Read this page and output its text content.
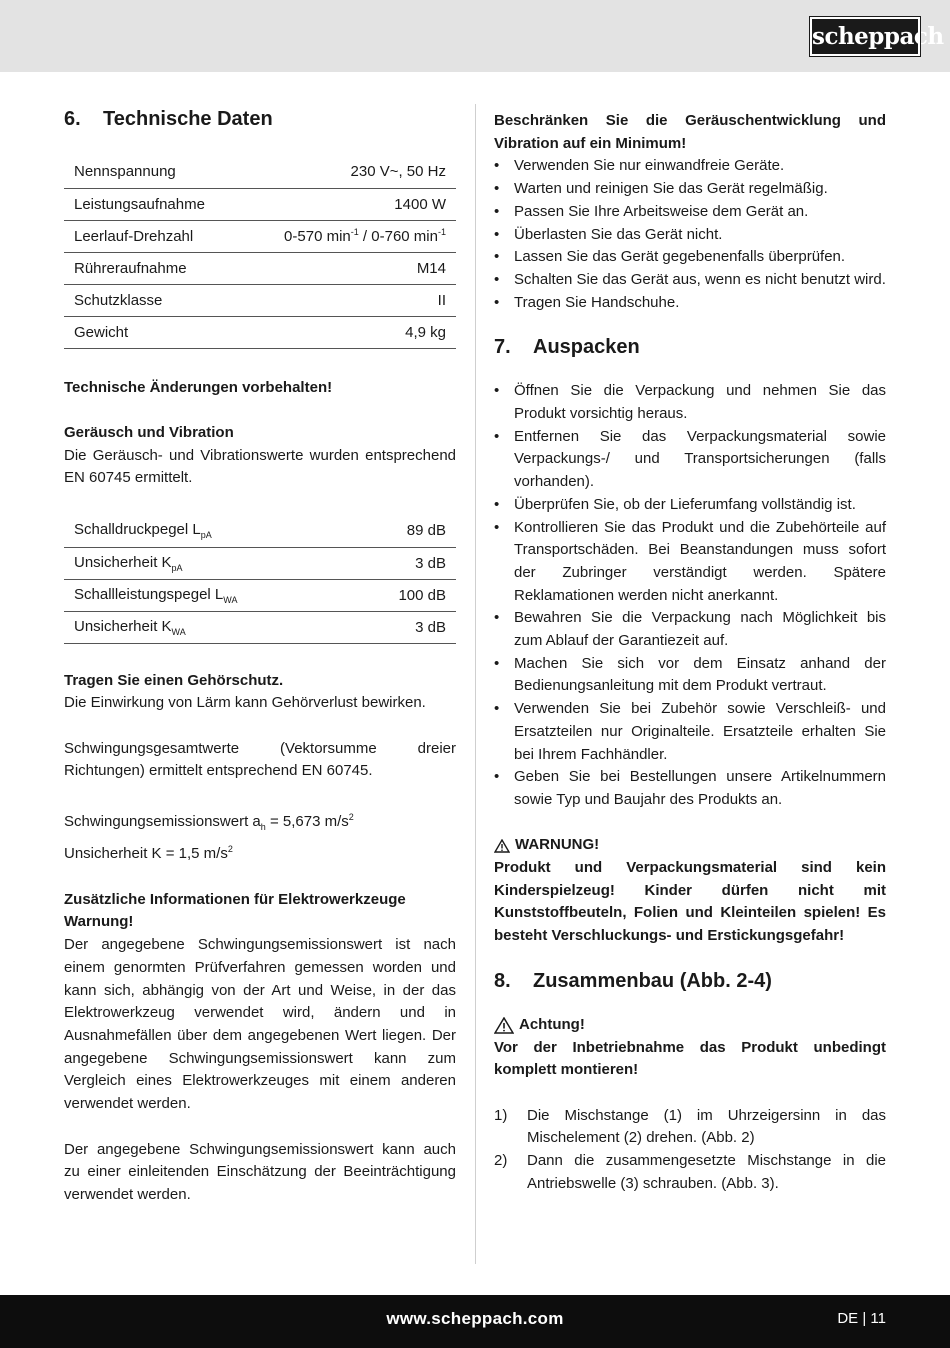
scheppach
6.	Technische Daten
Nennspannung	230 V~, 50 Hz
Leistungsaufnahme	1400 W
Leerlauf-Drehzahl	0-570 $\min^{-1} / 0-760$ $\min^{-1}$
Rühreraufnahme	M14
Schutzklasse	II
Gewicht	4,9 kg

Technische Änderungen vorbehalten!

Geräusch und Vibration

Die Geräusch- und Vibrationswerte wurden entsprechend EN 60745 ermittelt.

Schalldruckpegel $L_{pA}$	89 dB
Unsicherheit $K_{pA}$	3 dB
Schallleistungspegel $L_{WA}$	100 dB
Unsicherheit $K_{WA}$	3 dB

Tragen Sie einen Gehörschutz.

Die Einwirkung von Lärm kann Gehörverlust bewirken.

Schwingungsgesamtwerte (Vektorsumme dreier Richtungen) ermittelt entsprechend EN 60745.

Schwingungsemissionswert $a_h = 5,673$ $m/s^2$

Unsicherheit K = 1,5 $m/s^2$

Zusätzliche Informationen für Elektrowerkzeuge

Warnung!

Der angegebene Schwingungsemissionswert ist nach einem genormten Prüfverfahren gemessen worden und kann sich, abhängig von der Art und Weise, in der das Elektrowerkzeug verwendet wird, ändern und in Ausnahmefällen über dem angegebenen Wert liegen. Der angegebene Schwingungsemissionswert kann zum Vergleich eines Elektrowerkzeuges mit einem anderen verwendet werden.

Der angegebene Schwingungsemissionswert kann auch zu einer einleitenden Einschätzung der Beeinträchtigung verwendet werden.

Beschränken Sie die Geräuschentwicklung und Vibration auf ein Minimum!

• Verwenden Sie nur einwandfreie Geräte.
• Warten und reinigen Sie das Gerät regelmäßig.
• Passen Sie Ihre Arbeitsweise dem Gerät an.
• Überlasten Sie das Gerät nicht.
• Lassen Sie das Gerät gegebenenfalls überprüfen.
• Schalten Sie das Gerät aus, wenn es nicht benutzt wird.
• Tragen Sie Handschuhe.
7.	Auspacken
• Öffnen Sie die Verpackung und nehmen Sie das Produkt vorsichtig heraus.
• Entfernen Sie das Verpackungsmaterial sowie Verpackungs-/ und Transportsicherungen (falls vorhanden).
• Überprüfen Sie, ob der Lieferumfang vollständig ist.
• Kontrollieren Sie das Produkt und die Zubehörteile auf Transportschäden. Bei Beanstandungen muss sofort der Zubringer verständigt werden. Spätere Reklamationen werden nicht anerkannt.
• Bewahren Sie die Verpackung nach Möglichkeit bis zum Ablauf der Garantiezeit auf.
• Machen Sie sich vor dem Einsatz anhand der Bedienungsanleitung mit dem Produkt vertraut.
• Verwenden Sie bei Zubehör sowie Verschleiß- und Ersatzteilen nur Originalteile. Ersatzteile erhalten Sie bei Ihrem Fachhändler.
• Geben Sie bei Bestellungen unsere Artikelnummern sowie Typ und Baujahr des Produkts an.
WARNUNG!

Produkt und Verpackungsmaterial sind kein Kinderspielzeug! Kinder dürfen nicht mit Kunststoffbeuteln, Folien und Kleinteilen spielen! Es besteht Verschluckungs- und Erstickungsgefahr!

8.	Zusammenbau (Abb. 2-4)
Achtung!

Vor der Inbetriebnahme das Produkt unbedingt komplett montieren!

1) Die Mischstange (1) im Uhrzeigersinn in das Mischelement (2) drehen. (Abb. 2)
2) Dann die zusammengesetzte Mischstange in die Antriebswelle (3) schrauben. (Abb. 3).
www.scheppach.com	DE | 11
